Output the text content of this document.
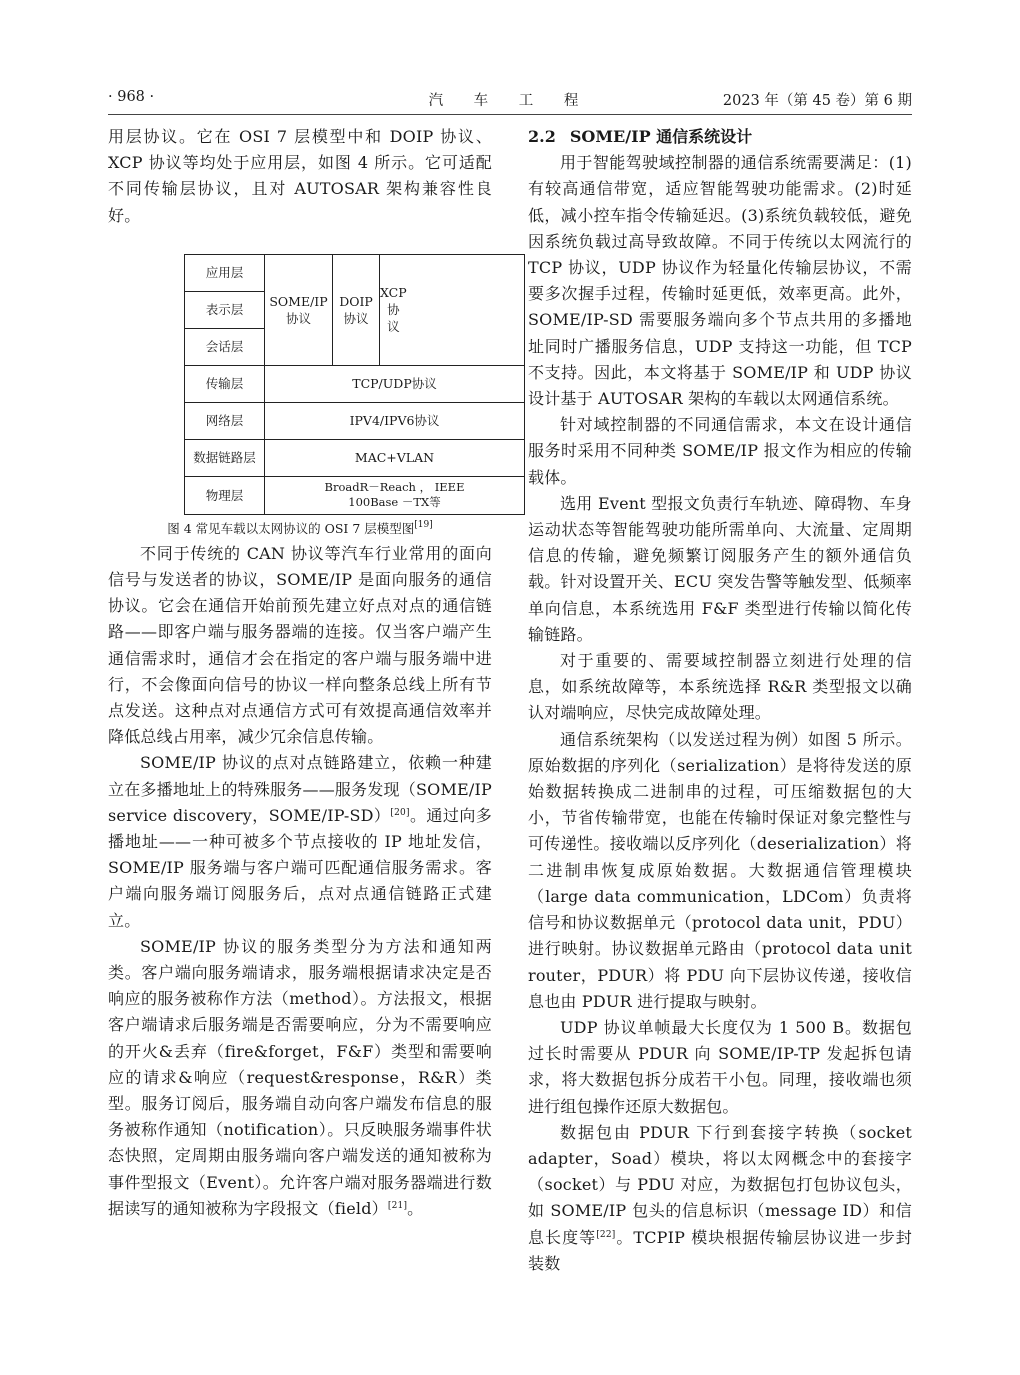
· 968 ·	汽 车 工 程	2023 年（第 45 卷）第 6 期

用层协议。它在 OSI 7 层模型中和 DOIP 协议、XCP 协议等均处于应用层，如图 4 所示。它可适配不同传输层协议，且对 AUTOSAR 架构兼容性良好。

应用层
表示层
会话层
传输层
网络层
数据链路层
物理层
SOME/IP
协议
DOIP
协议
XCP
协
议
TCP/UDP协议
IPV4/IPV6协议
MAC+VLAN
BroadR－Reach ， IEEE
100Base －TX等
图 4 常见车载以太网协议的 OSI 7 层模型图[19]

不同于传统的 CAN 协议等汽车行业常用的面向信号与发送者的协议，SOME/IP 是面向服务的通信协议。它会在通信开始前预先建立好点对点的通信链路——即客户端与服务器端的连接。仅当客户端产生通信需求时，通信才会在指定的客户端与服务端中进行，不会像面向信号的协议一样向整条总线上所有节点发送。这种点对点通信方式可有效提高通信效率并降低总线占用率，减少冗余信息传输。

SOME/IP 协议的点对点链路建立，依赖一种建立在多播地址上的特殊服务——服务发现（SOME/IP service discovery，SOME/IP-SD）[20]。通过向多播地址——一种可被多个节点接收的 IP 地址发信，SOME/IP 服务端与客户端可匹配通信服务需求。客户端向服务端订阅服务后，点对点通信链路正式建立。

SOME/IP 协议的服务类型分为方法和通知两类。客户端向服务端请求，服务端根据请求决定是否响应的服务被称作方法（method）。方法报文，根据客户端请求后服务端是否需要响应，分为不需要响应的开火&丢弃（fire&forget，F&F）类型和需要响应的请求&响应（request&response，R&R）类型。服务订阅后，服务端自动向客户端发布信息的服务被称作通知（notification）。只反映服务端事件状态快照，定周期由服务端向客户端发送的通知被称为事件型报文（Event）。允许客户端对服务器端进行数据读写的通知被称为字段报文（field）[21]。

2.2 SOME/IP 通信系统设计

用于智能驾驶域控制器的通信系统需要满足：(1)有较高通信带宽，适应智能驾驶功能需求。(2)时延低，减小控车指令传输延迟。(3)系统负载较低，避免因系统负载过高导致故障。不同于传统以太网流行的 TCP 协议，UDP 协议作为轻量化传输层协议，不需要多次握手过程，传输时延更低，效率更高。此外，SOME/IP-SD 需要服务端向多个节点共用的多播地址同时广播服务信息，UDP 支持这一功能，但 TCP 不支持。因此，本文将基于 SOME/IP 和 UDP 协议设计基于 AUTOSAR 架构的车载以太网通信系统。

针对域控制器的不同通信需求，本文在设计通信服务时采用不同种类 SOME/IP 报文作为相应的传输载体。

选用 Event 型报文负责行车轨迹、障碍物、车身运动状态等智能驾驶功能所需单向、大流量、定周期信息的传输，避免频繁订阅服务产生的额外通信负载。针对设置开关、ECU 突发告警等触发型、低频率单向信息，本系统选用 F&F 类型进行传输以简化传输链路。

对于重要的、需要域控制器立刻进行处理的信息，如系统故障等，本系统选择 R&R 类型报文以确认对端响应，尽快完成故障处理。

通信系统架构（以发送过程为例）如图 5 所示。原始数据的序列化（serialization）是将待发送的原始数据转换成二进制串的过程，可压缩数据包的大小，节省传输带宽，也能在传输时保证对象完整性与可传递性。接收端以反序列化（deserialization）将二进制串恢复成原始数据。大数据通信管理模块（large data communication，LDCom）负责将信号和协议数据单元（protocol data unit，PDU）进行映射。协议数据单元路由（protocol data unit router，PDUR）将 PDU 向下层协议传递，接收信息也由 PDUR 进行提取与映射。

UDP 协议单帧最大长度仅为 1 500 B。数据包过长时需要从 PDUR 向 SOME/IP-TP 发起拆包请求，将大数据包拆分成若干小包。同理，接收端也须进行组包操作还原大数据包。

数据包由 PDUR 下行到套接字转换（socket adapter，Soad）模块，将以太网概念中的套接字（socket）与 PDU 对应，为数据包打包协议包头，如 SOME/IP 包头的信息标识（message ID）和信息长度等[22]。TCPIP 模块根据传输层协议进一步封装数
